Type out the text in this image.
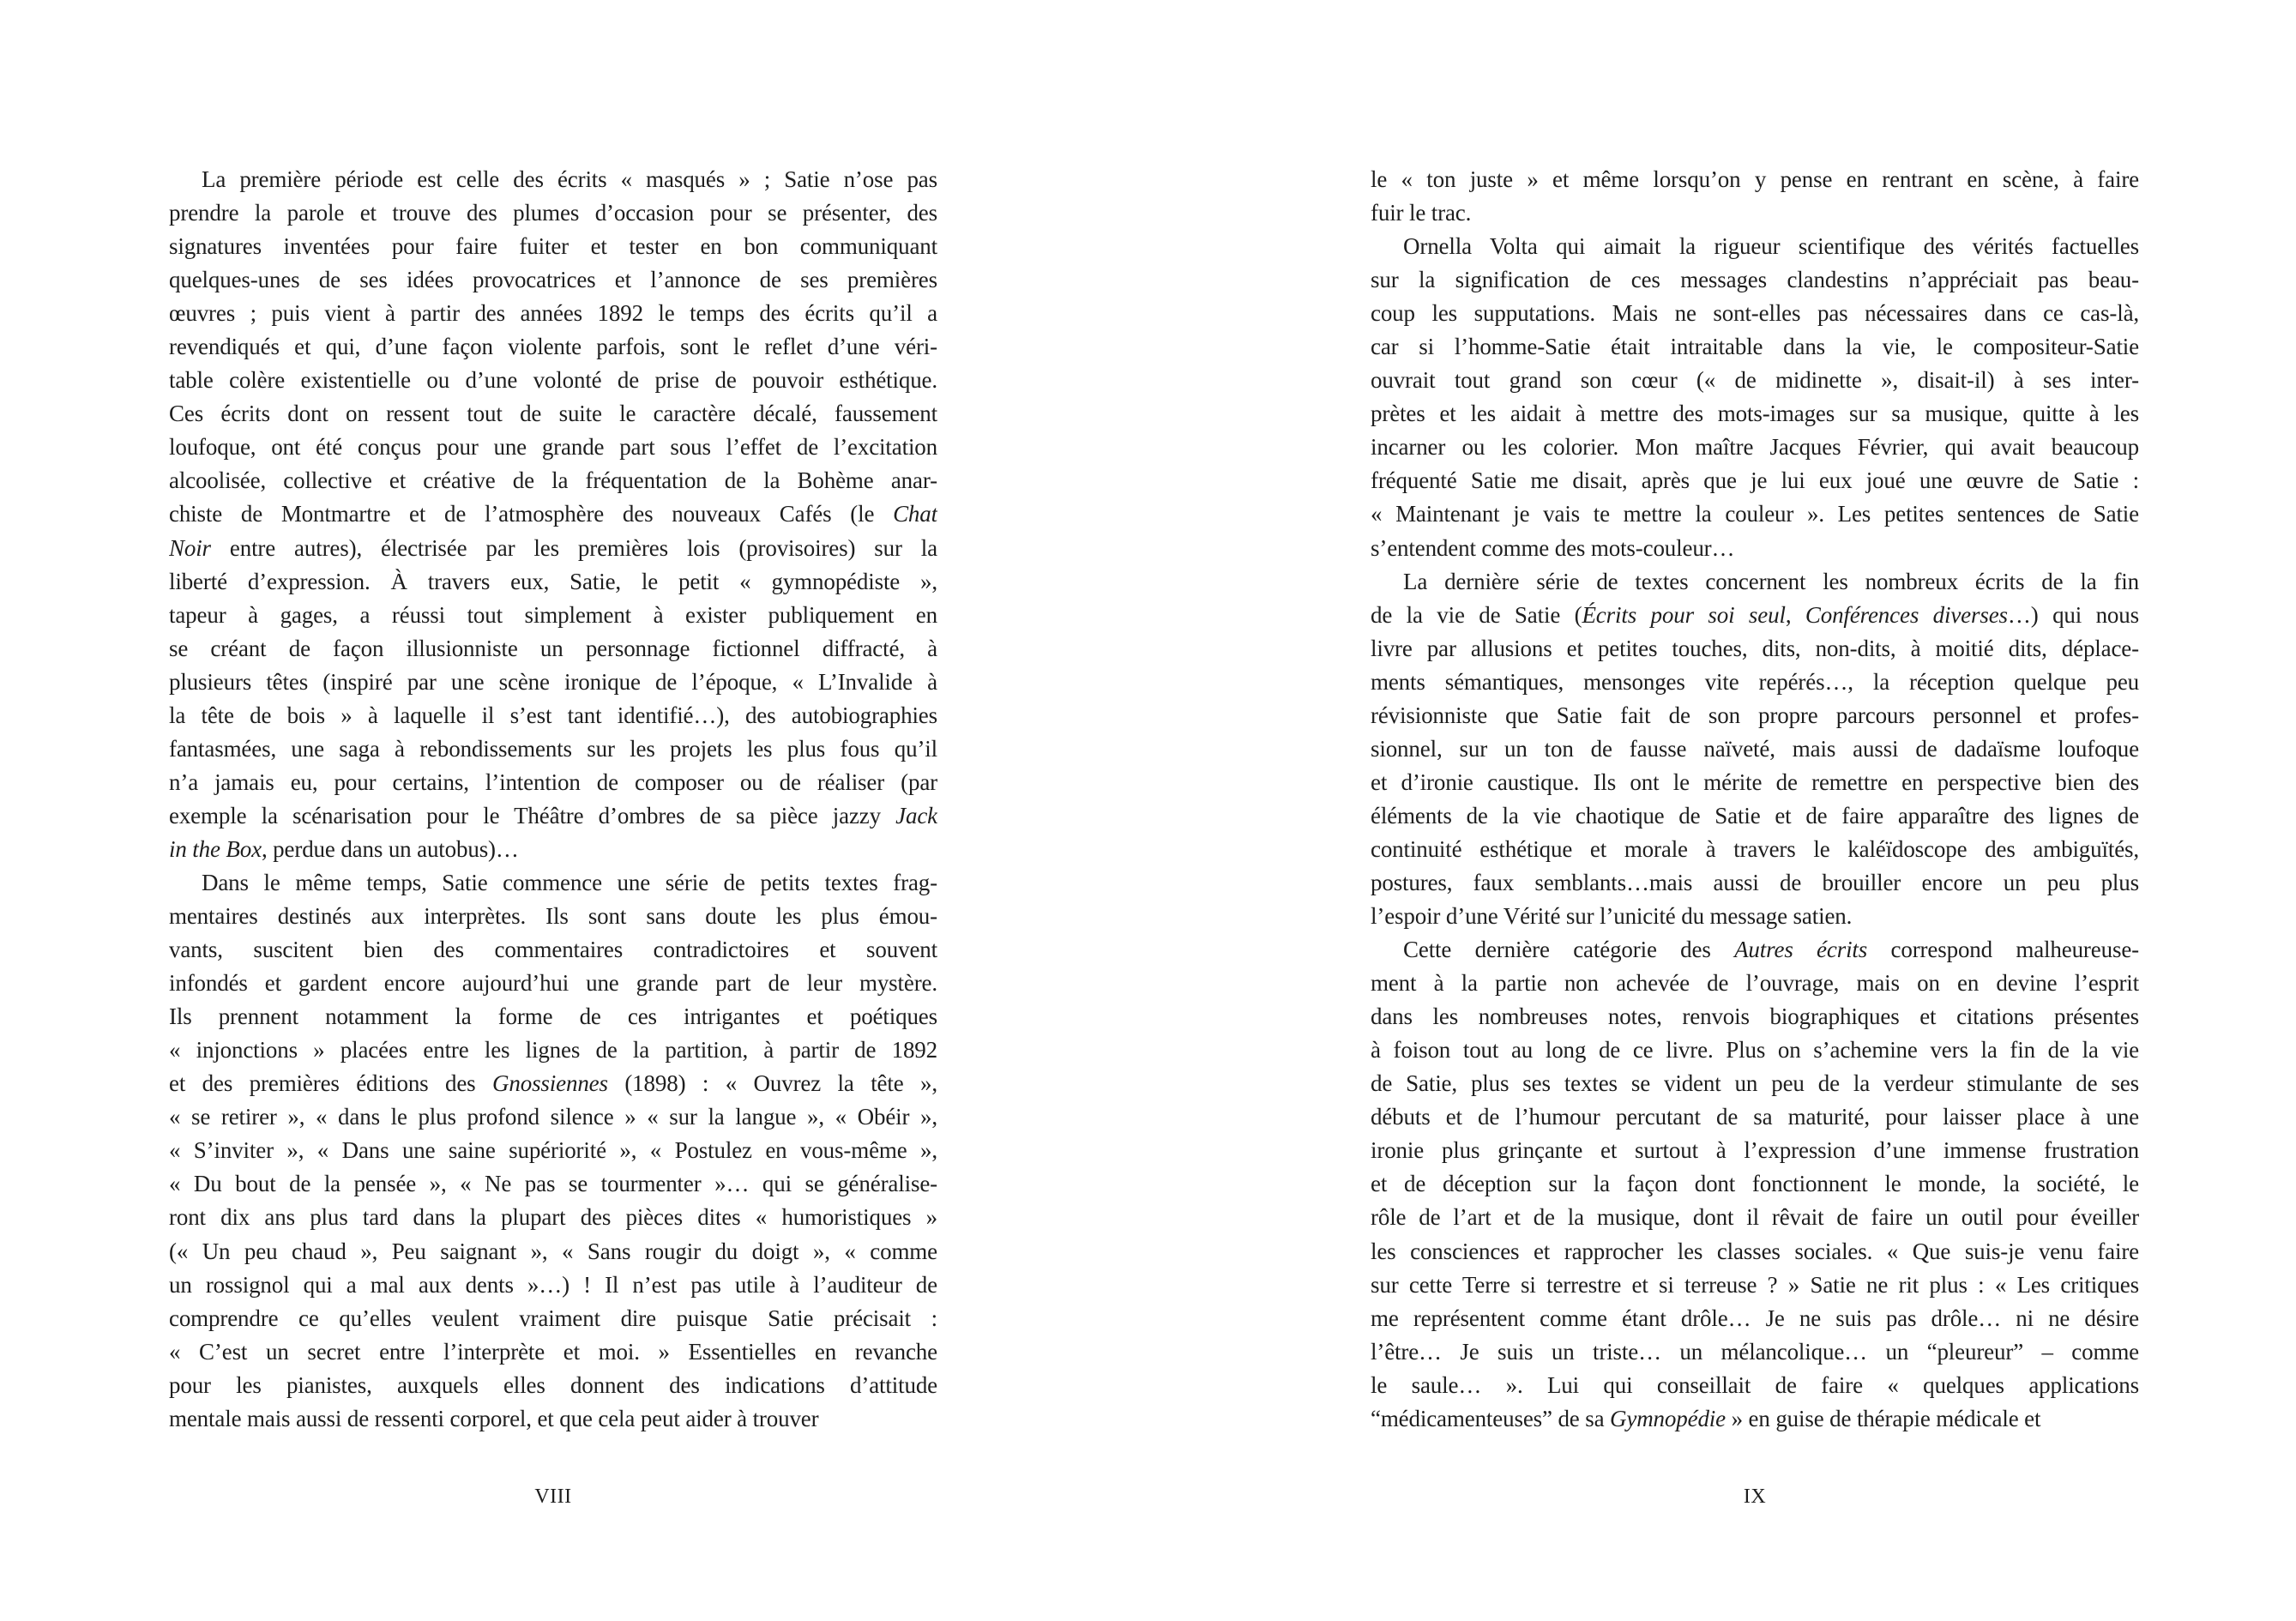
La première période est celle des écrits « masqués » ; Satie n’ose pas
prendre la parole et trouve des plumes d’occasion pour se présenter, des
signatures inventées pour faire fuiter et tester en bon communiquant
quelques-unes de ses idées provocatrices et l’annonce de ses premières
œuvres ; puis vient à partir des années 1892 le temps des écrits qu’il a
revendiqués et qui, d’une façon violente parfois, sont le reflet d’une véri-
table colère existentielle ou d’une volonté de prise de pouvoir esthétique.
Ces écrits dont on ressent tout de suite le caractère décalé, faussement
loufoque, ont été conçus pour une grande part sous l’effet de l’excitation
alcoolisée, collective et créative de la fréquentation de la Bohème anar-
chiste de Montmartre et de l’atmosphère des nouveaux Cafés (le Chat
Noir entre autres), électrisée par les premières lois (provisoires) sur la
liberté d’expression. À travers eux, Satie, le petit « gymnopédiste »,
tapeur à gages, a réussi tout simplement à exister publiquement en
se créant de façon illusionniste un personnage fictionnel diffracté, à
plusieurs têtes (inspiré par une scène ironique de l’époque, « L’Invalide à
la tête de bois » à laquelle il s’est tant identifié…), des autobiographies
fantasmées, une saga à rebondissements sur les projets les plus fous qu’il
n’a jamais eu, pour certains, l’intention de composer ou de réaliser (par
exemple la scénarisation pour le Théâtre d’ombres de sa pièce jazzy Jack
in the Box, perdue dans un autobus)…
Dans le même temps, Satie commence une série de petits textes frag-
mentaires destinés aux interprètes. Ils sont sans doute les plus émou-
vants, suscitent bien des commentaires contradictoires et souvent
infondés et gardent encore aujourd’hui une grande part de leur mystère.
Ils prennent notamment la forme de ces intrigantes et poétiques
« injonctions » placées entre les lignes de la partition, à partir de 1892
et des premières éditions des Gnossiennes (1898) : « Ouvrez la tête »,
« se retirer », « dans le plus profond silence » « sur la langue », « Obéir »,
« S’inviter », « Dans une saine supériorité », « Postulez en vous-même »,
« Du bout de la pensée », « Ne pas se tourmenter »… qui se généralise-
ront dix ans plus tard dans la plupart des pièces dites « humoristiques »
(« Un peu chaud », Peu saignant », « Sans rougir du doigt », « comme
un rossignol qui a mal aux dents »…) ! Il n’est pas utile à l’auditeur de
comprendre ce qu’elles veulent vraiment dire puisque Satie précisait :
« C’est un secret entre l’interprète et moi. » Essentielles en revanche
pour les pianistes, auxquels elles donnent des indications d’attitude
mentale mais aussi de ressenti corporel, et que cela peut aider à trouver
le « ton juste » et même lorsqu’on y pense en rentrant en scène, à faire
fuir le trac.
Ornella Volta qui aimait la rigueur scientifique des vérités factuelles
sur la signification de ces messages clandestins n’appréciait pas beau-
coup les supputations. Mais ne sont-elles pas nécessaires dans ce cas-là,
car si l’homme-Satie était intraitable dans la vie, le compositeur-Satie
ouvrait tout grand son cœur (« de midinette », disait-il) à ses inter-
prètes et les aidait à mettre des mots-images sur sa musique, quitte à les
incarner ou les colorier. Mon maître Jacques Février, qui avait beaucoup
fréquenté Satie me disait, après que je lui eux joué une œuvre de Satie :
« Maintenant je vais te mettre la couleur ». Les petites sentences de Satie
s’entendent comme des mots-couleur…
La dernière série de textes concernent les nombreux écrits de la fin
de la vie de Satie (Écrits pour soi seul, Conférences diverses…) qui nous
livre par allusions et petites touches, dits, non-dits, à moitié dits, déplace-
ments sémantiques, mensonges vite repérés…, la réception quelque peu
révisionniste que Satie fait de son propre parcours personnel et profes-
sionnel, sur un ton de fausse naïveté, mais aussi de dadaïsme loufoque
et d’ironie caustique. Ils ont le mérite de remettre en perspective bien des
éléments de la vie chaotique de Satie et de faire apparaître des lignes de
continuité esthétique et morale à travers le kaléïdoscope des ambiguïtés,
postures, faux semblants…mais aussi de brouiller encore un peu plus
l’espoir d’une Vérité sur l’unicité du message satien.
Cette dernière catégorie des Autres écrits correspond malheureuse-
ment à la partie non achevée de l’ouvrage, mais on en devine l’esprit
dans les nombreuses notes, renvois biographiques et citations présentes
à foison tout au long de ce livre. Plus on s’achemine vers la fin de la vie
de Satie, plus ses textes se vident un peu de la verdeur stimulante de ses
débuts et de l’humour percutant de sa maturité, pour laisser place à une
ironie plus grinçante et surtout à l’expression d’une immense frustration
et de déception sur la façon dont fonctionnent le monde, la société, le
rôle de l’art et de la musique, dont il rêvait de faire un outil pour éveiller
les consciences et rapprocher les classes sociales. « Que suis-je venu faire
sur cette Terre si terrestre et si terreuse ? » Satie ne rit plus : « Les critiques
me représentent comme étant drôle… Je ne suis pas drôle… ni ne désire
l’être… Je suis un triste… un mélancolique… un “pleureur” – comme
le saule… ». Lui qui conseillait de faire « quelques applications
“médicamenteuses” de sa Gymnopédie » en guise de thérapie médicale et
VIII	IX
